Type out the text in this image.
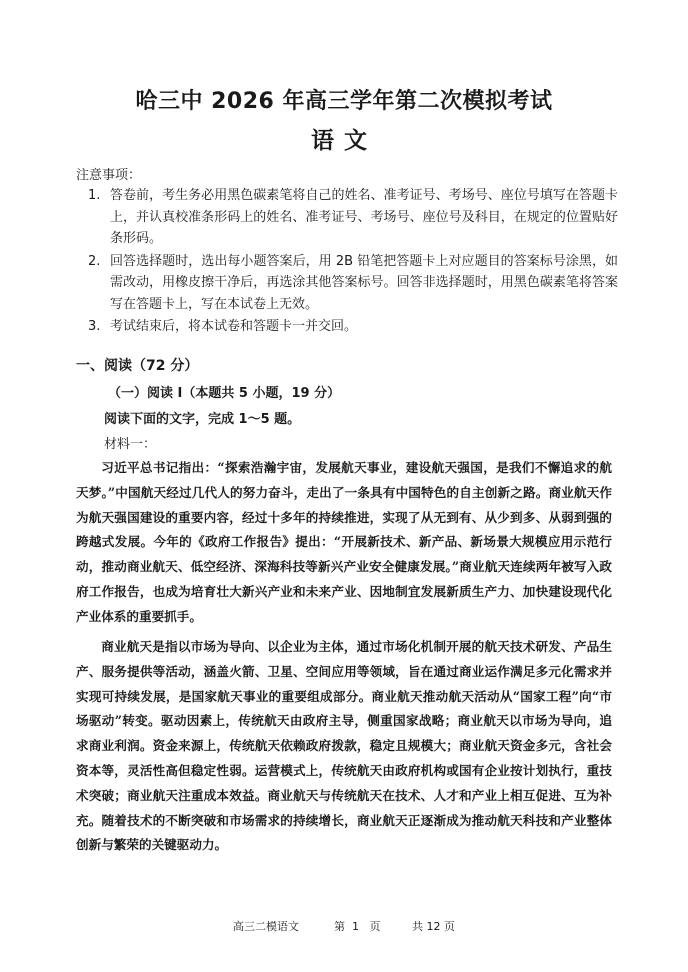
哈三中 2026 年高三学年第二次模拟考试
语文
注意事项：
1. 答卷前，考生务必用黑色碳素笔将自己的姓名、准考证号、考场号、座位号填写在答题卡上，并认真校准条形码上的姓名、准考证号、考场号、座位号及科目，在规定的位置贴好条形码。
2. 回答选择题时，选出每小题答案后，用 2B 铅笔把答题卡上对应题目的答案标号涂黑，如需改动，用橡皮擦干净后，再选涂其他答案标号。回答非选择题时，用黑色碳素笔将答案写在答题卡上，写在本试卷上无效。
3. 考试结束后，将本试卷和答题卡一并交回。
一、阅读（72 分）
（一）阅读 Ⅰ（本题共 5 小题，19 分）
阅读下面的文字，完成 1～5 题。
材料一：
习近平总书记指出：“探索浩瀚宇宙，发展航天事业，建设航天强国，是我们不懈追求的航天梦。”中国航天经过几代人的努力奋斗，走出了一条具有中国特色的自主创新之路。商业航天作为航天强国建设的重要内容，经过十多年的持续推进，实现了从无到有、从少到多、从弱到强的跨越式发展。今年的《政府工作报告》提出：“开展新技术、新产品、新场景大规模应用示范行动，推动商业航天、低空经济、深海科技等新兴产业安全健康发展。”商业航天连续两年被写入政府工作报告，也成为培育壮大新兴产业和未来产业、因地制宜发展新质生产力、加快建设现代化产业体系的重要抓手。
商业航天是指以市场为导向、以企业为主体，通过市场化机制开展的航天技术研发、产品生产、服务提供等活动，涵盖火箭、卫星、空间应用等领域，旨在通过商业运作满足多元化需求并实现可持续发展，是国家航天事业的重要组成部分。商业航天推动航天活动从“国家工程”向“市场驱动”转变。驱动因素上，传统航天由政府主导，侧重国家战略；商业航天以市场为导向，追求商业利润。资金来源上，传统航天依赖政府拨款，稳定且规模大；商业航天资金多元，含社会资本等，灵活性高但稳定性弱。运营模式上，传统航天由政府机构或国有企业按计划执行，重技术突破；商业航天注重成本效益。商业航天与传统航天在技术、人才和产业上相互促进、互为补充。随着技术的不断突破和市场需求的持续增长，商业航天正逐渐成为推动航天科技和产业整体创新与繁荣的关键驱动力。
高三二模语文          第  1   页         共 12 页
